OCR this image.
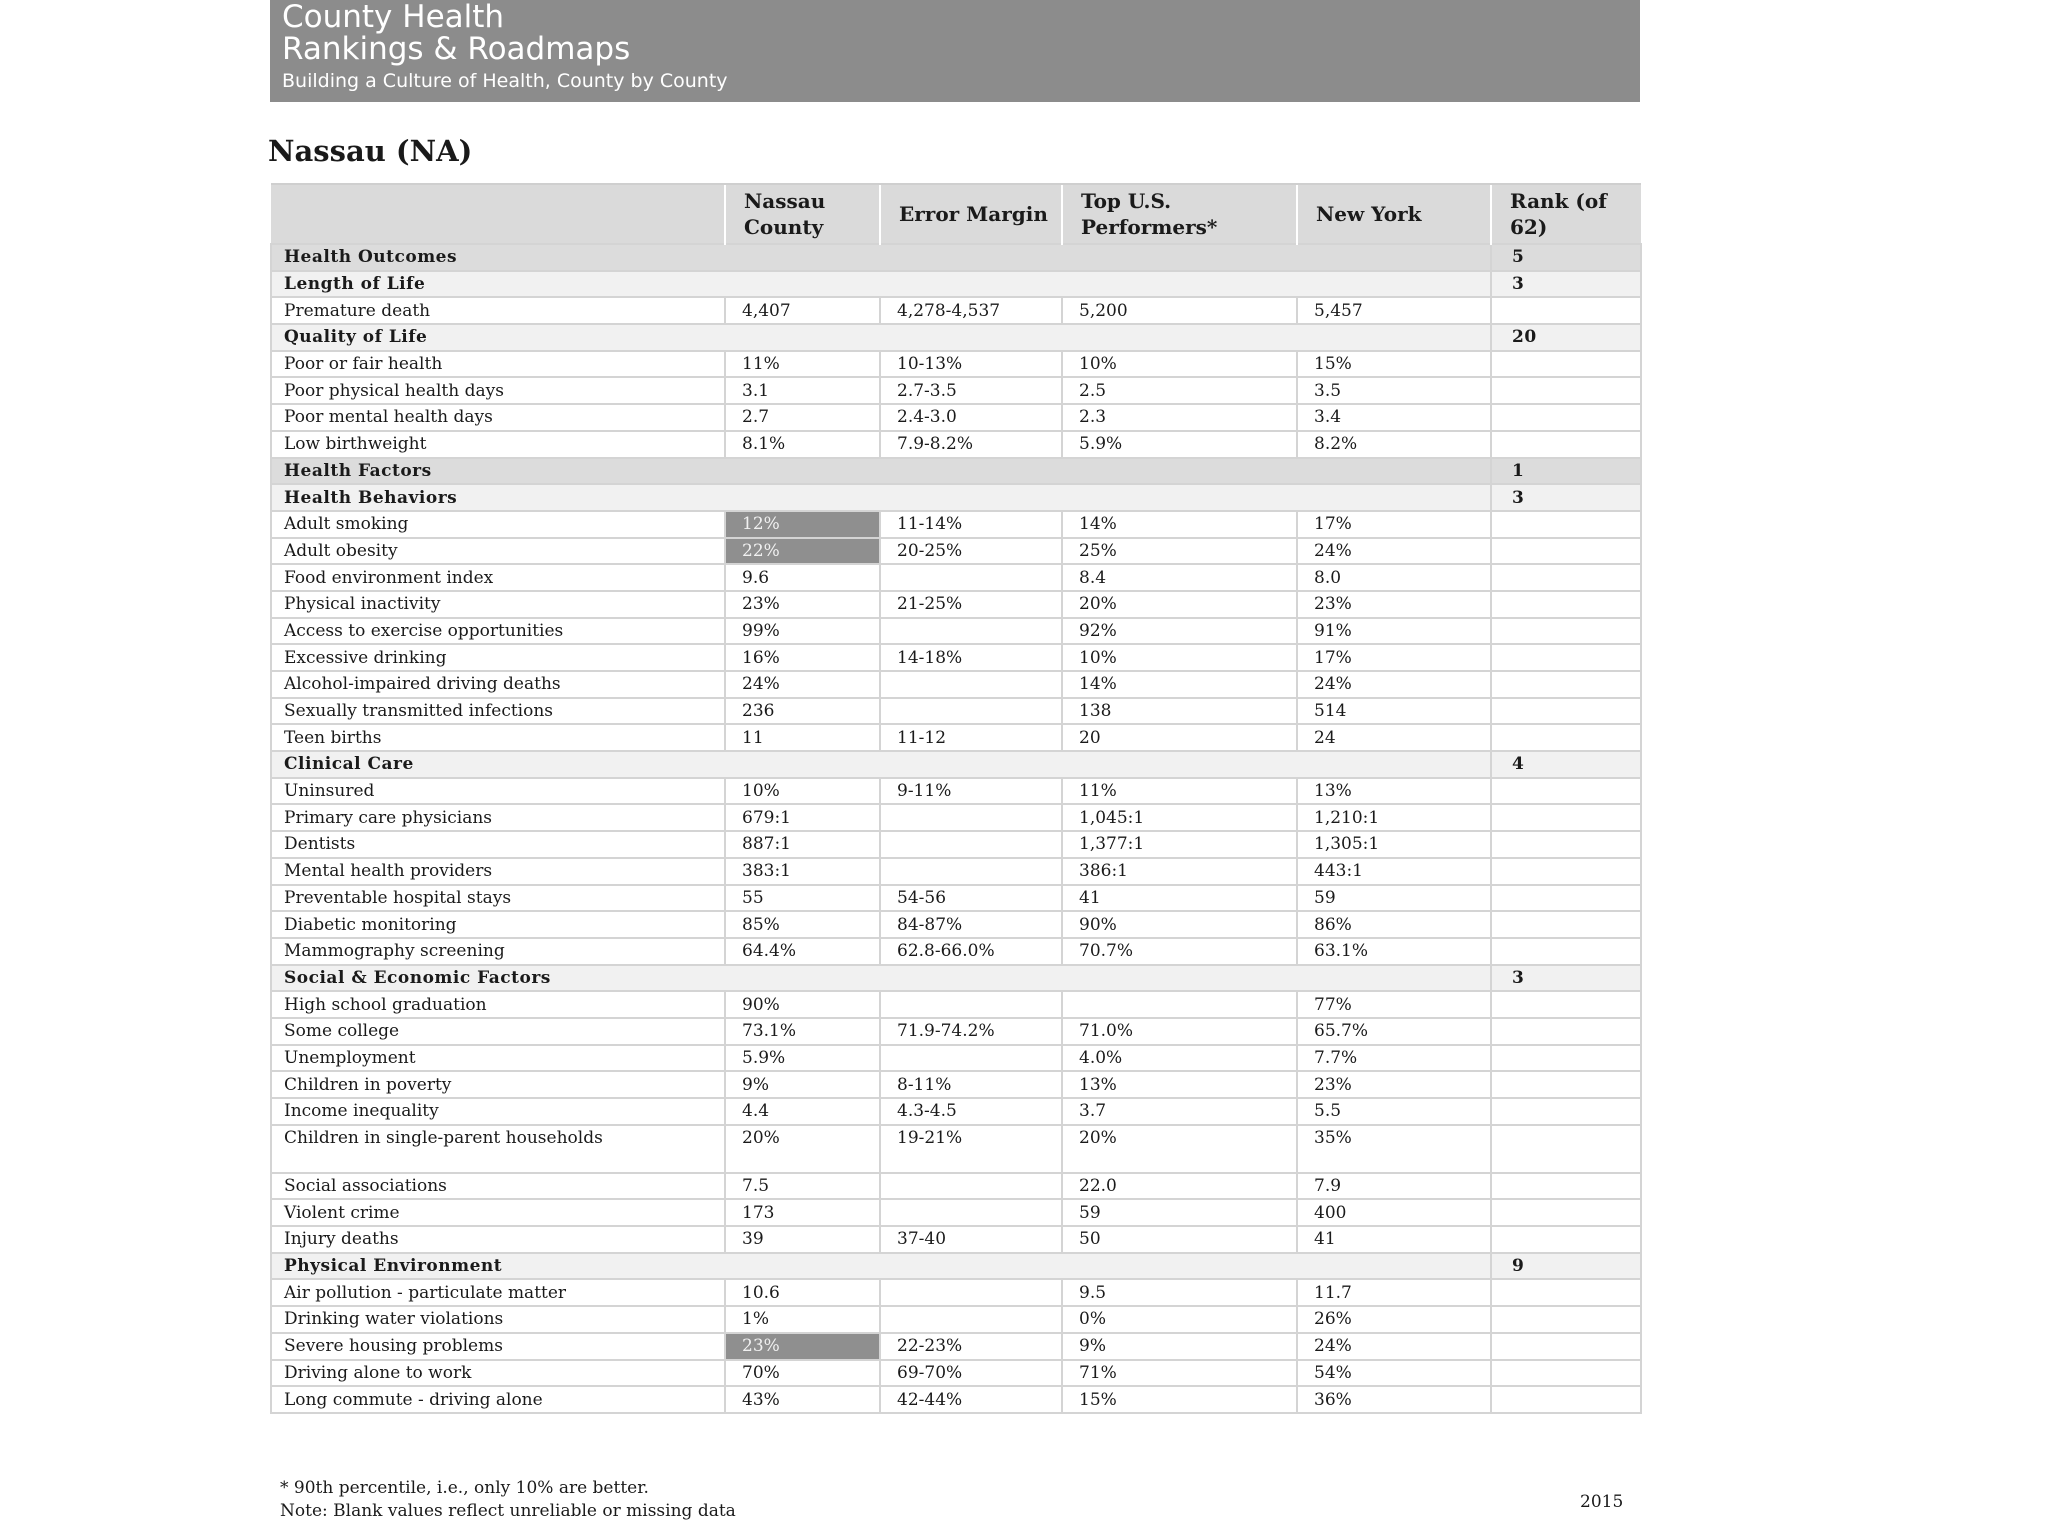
County Health
Rankings & Roadmaps
Building a Culture of Health, County by County
Nassau (NA)
	Nassau County	Error Margin	Top U.S. Performers*	New York	Rank (of 62)
Health Outcomes					5
Length of Life					3
Premature death	4,407	4,278-4,537	5,200	5,457	
Quality of Life					20
Poor or fair health	11%	10-13%	10%	15%	
Poor physical health days	3.1	2.7-3.5	2.5	3.5	
Poor mental health days	2.7	2.4-3.0	2.3	3.4	
Low birthweight	8.1%	7.9-8.2%	5.9%	8.2%	
Health Factors					1
Health Behaviors					3
Adult smoking	12%	11-14%	14%	17%	
Adult obesity	22%	20-25%	25%	24%	
Food environment index	9.6		8.4	8.0	
Physical inactivity	23%	21-25%	20%	23%	
Access to exercise opportunities	99%		92%	91%	
Excessive drinking	16%	14-18%	10%	17%	
Alcohol-impaired driving deaths	24%		14%	24%	
Sexually transmitted infections	236		138	514	
Teen births	11	11-12	20	24	
Clinical Care					4
Uninsured	10%	9-11%	11%	13%	
Primary care physicians	679:1		1,045:1	1,210:1	
Dentists	887:1		1,377:1	1,305:1	
Mental health providers	383:1		386:1	443:1	
Preventable hospital stays	55	54-56	41	59	
Diabetic monitoring	85%	84-87%	90%	86%	
Mammography screening	64.4%	62.8-66.0%	70.7%	63.1%	
Social & Economic Factors					3
High school graduation	90%			77%	
Some college	73.1%	71.9-74.2%	71.0%	65.7%	
Unemployment	5.9%		4.0%	7.7%	
Children in poverty	9%	8-11%	13%	23%	
Income inequality	4.4	4.3-4.5	3.7	5.5	
Children in single-parent households	20%	19-21%	20%	35%	
Social associations	7.5		22.0	7.9	
Violent crime	173		59	400	
Injury deaths	39	37-40	50	41	
Physical Environment					9
Air pollution - particulate matter	10.6		9.5	11.7	
Drinking water violations	1%		0%	26%	
Severe housing problems	23%	22-23%	9%	24%	
Driving alone to work	70%	69-70%	71%	54%	
Long commute - driving alone	43%	42-44%	15%	36%	
* 90th percentile, i.e., only 10% are better.
Note: Blank values reflect unreliable or missing data	2015
